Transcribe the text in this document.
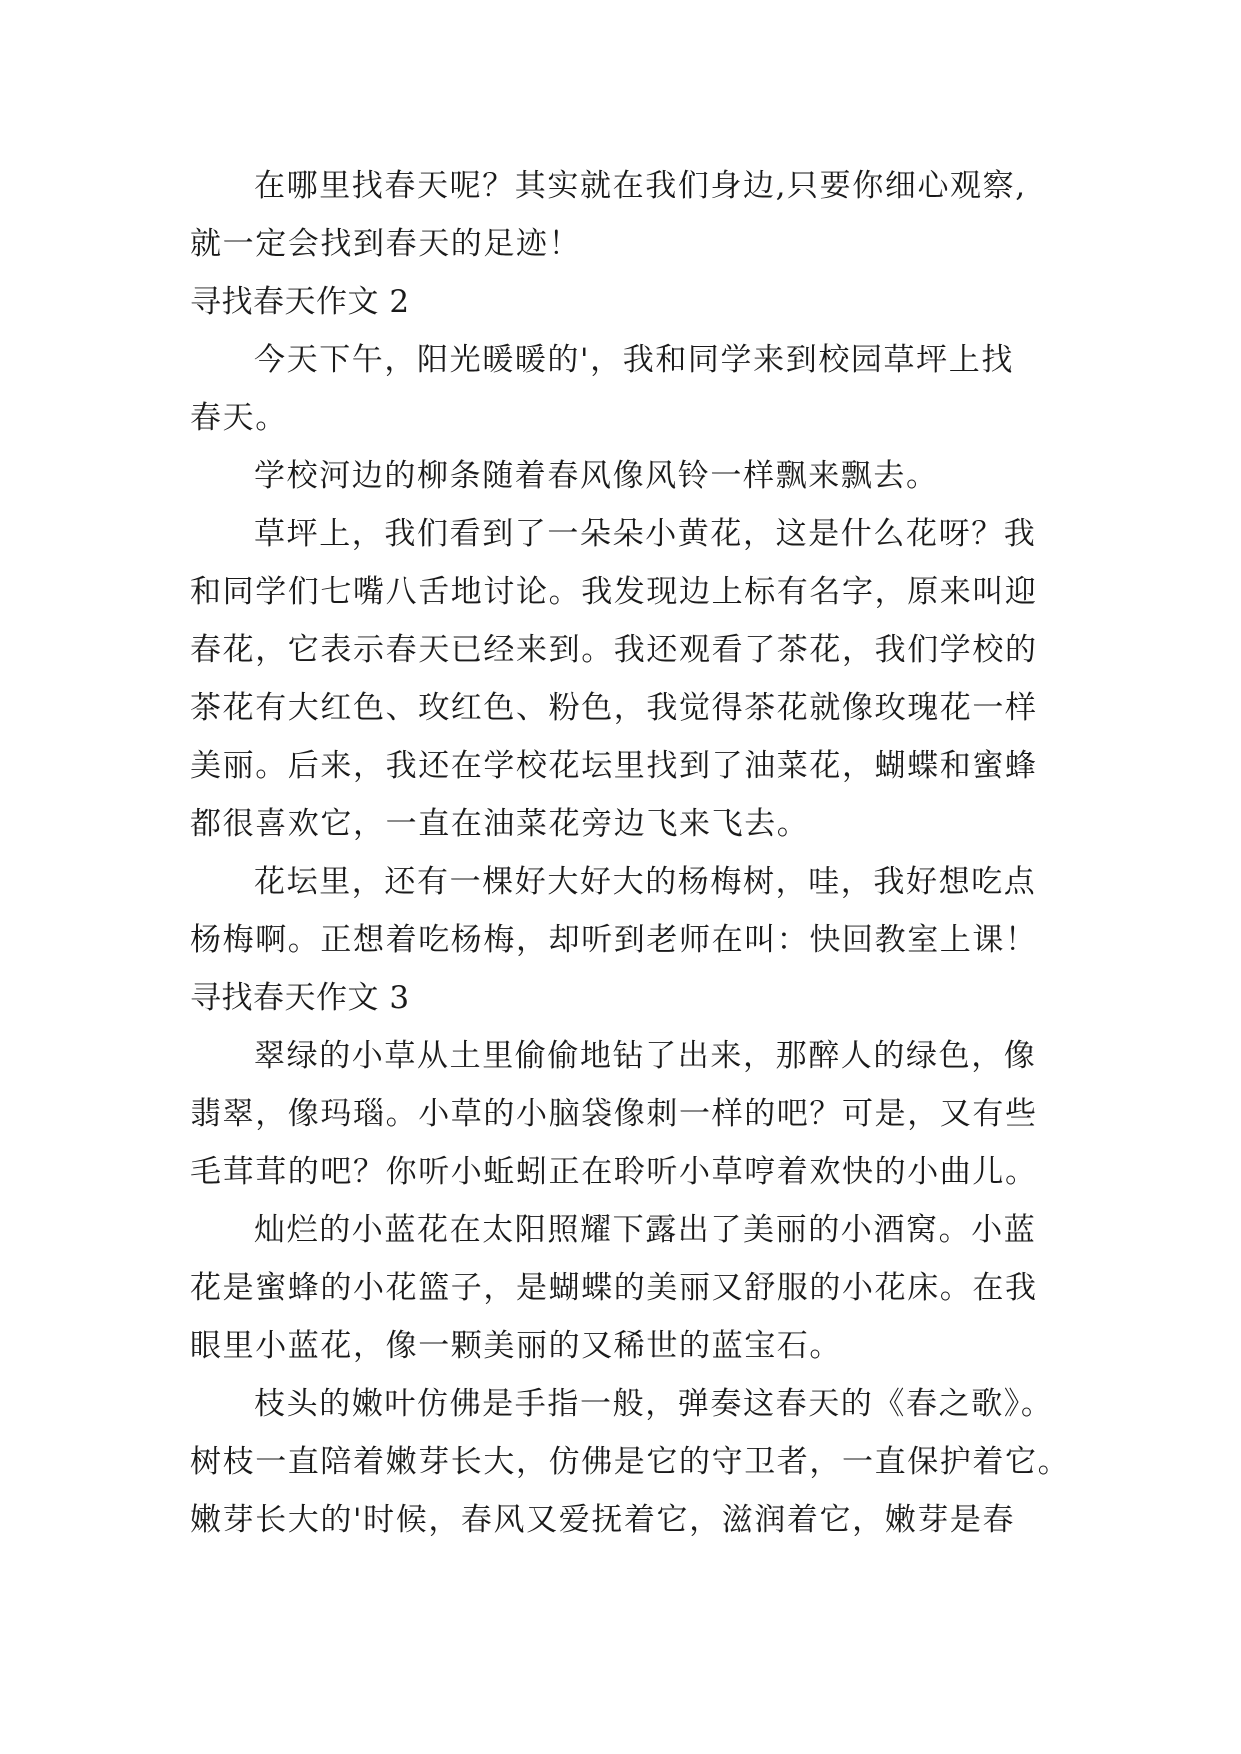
在哪里找春天呢？其实就在我们身边,只要你细心观察,
就一定会找到春天的足迹！
寻找春天作文 2
今天下午，阳光暖暖的'，我和同学来到校园草坪上找
春天。
学校河边的柳条随着春风像风铃一样飘来飘去。
草坪上，我们看到了一朵朵小黄花，这是什么花呀？我
和同学们七嘴八舌地讨论。我发现边上标有名字，原来叫迎
春花，它表示春天已经来到。我还观看了茶花，我们学校的
茶花有大红色、玫红色、粉色，我觉得茶花就像玫瑰花一样
美丽。后来，我还在学校花坛里找到了油菜花，蝴蝶和蜜蜂
都很喜欢它，一直在油菜花旁边飞来飞去。
花坛里，还有一棵好大好大的杨梅树，哇，我好想吃点
杨梅啊。正想着吃杨梅，却听到老师在叫：快回教室上课！
寻找春天作文 3
翠绿的小草从土里偷偷地钻了出来，那醉人的绿色，像
翡翠，像玛瑙。小草的小脑袋像刺一样的吧？可是，又有些
毛茸茸的吧？你听小蚯蚓正在聆听小草哼着欢快的小曲儿。
灿烂的小蓝花在太阳照耀下露出了美丽的小酒窝。小蓝
花是蜜蜂的小花篮子，是蝴蝶的美丽又舒服的小花床。在我
眼里小蓝花，像一颗美丽的又稀世的蓝宝石。
枝头的嫩叶仿佛是手指一般，弹奏这春天的《春之歌》。
树枝一直陪着嫩芽长大，仿佛是它的守卫者，一直保护着它。
嫩芽长大的'时候，春风又爱抚着它，滋润着它，嫩芽是春
